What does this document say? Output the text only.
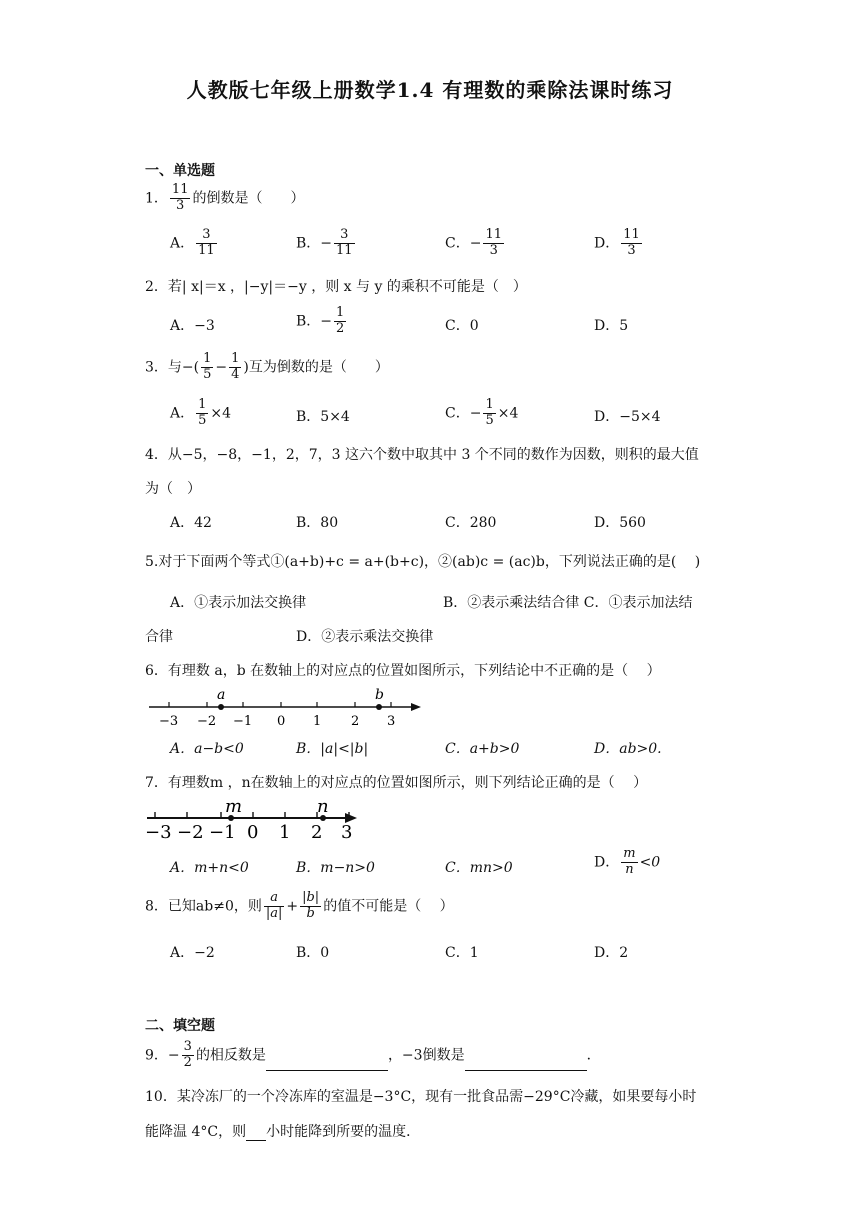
人教版七年级上册数学1.4 有理数的乘除法课时练习
一、单选题
1． $\frac{11}{3}$ 的倒数是（　　）
A． $\frac{3}{11}$	B．− $\frac{3}{11}$	C．− $\frac{11}{3}$	D． $\frac{11}{3}$
2．若| x|＝x ，|−y|＝−y ，则 x 与 y 的乘积不可能是（　）
A．−3	B．− $\frac{1}{2}$	C．0	D．5
3．与−( $\frac{1}{5} - \frac{1}{4}$ )互为倒数的是（　　）
A． $\frac{1}{5} \times 4$	B．5×4	C．− $\frac{1}{5} \times 4$	D．−5×4
4．从−5，−8，−1，2，7，3 这六个数中取其中 3 个不同的数作为因数，则积的最大值
为（　）
A．42	B．80	C．280	D．560
5.对于下面两个等式①(a+b)+c = a+(b+c)，②(ab)c = (ac)b，下列说法正确的是(　 )
A．①表示加法交换律	B．②表示乘法结合律 C．①表示加法结
合律	D．②表示乘法交换律
6．有理数 a，b 在数轴上的对应点的位置如图所示，下列结论中不正确的是（　 ）
a	b
−3 −2 −1 0 1 2 3
A．a−b<0	B．|a|<|b|	C．a+b>0	D．ab>0.
7．有理数m ，n在数轴上的对应点的位置如图所示，则下列结论正确的是（　 ）
m	n
−3 −2 −1 0 1 2 3
A．m+n<0	B．m−n>0	C．mn>0	D． $\frac{m}{n} <0$
8．已知ab≠0，则 $\frac{a}{|a|} + \frac{|b|}{b}$ 的值不可能是（　 ）
A．−2	B．0	C．1	D．2
二、填空题
9．− $\frac{3}{2}$ 的相反数是	，−3倒数是	．
10．某冷冻厂的一个冷冻库的室温是−3°C，现有一批食品需−29°C冷藏，如果要每小时
能降温 4°C，则 小时能降到所要的温度．
